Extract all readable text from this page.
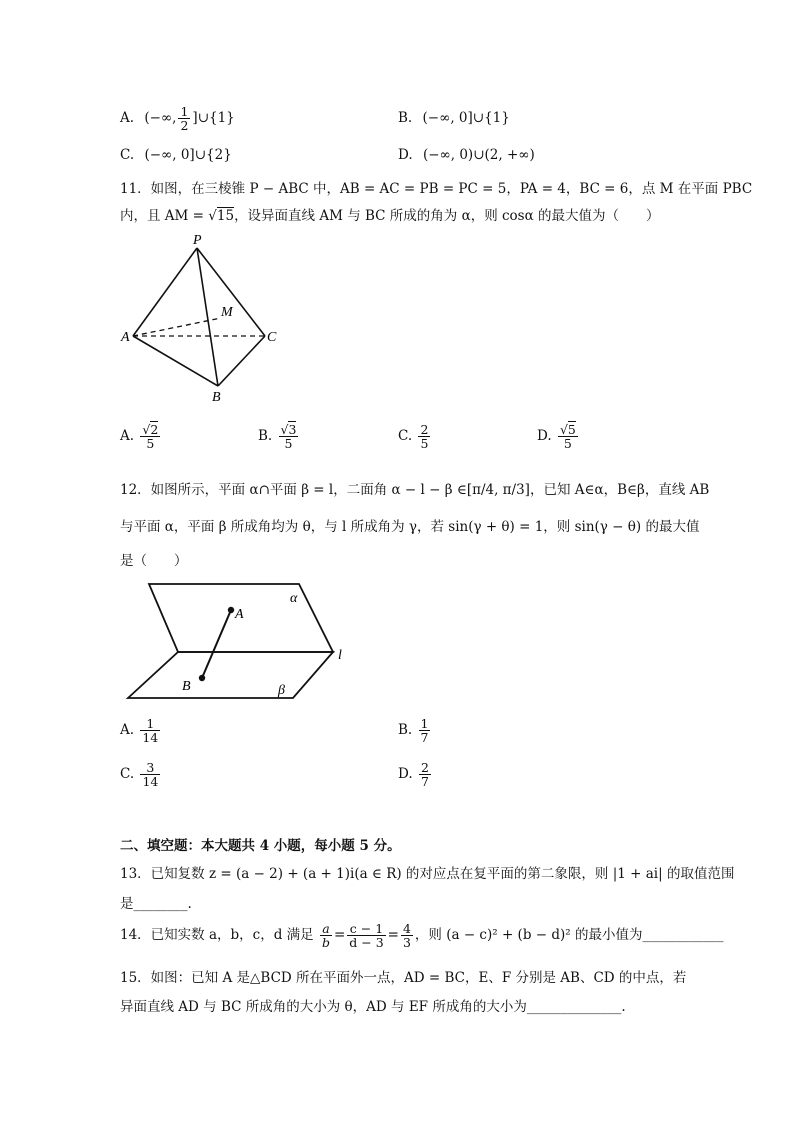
A. (−∞, $\frac{1}{2}$ ]∪{1}	B. (−∞, 0]∪{1}
C. (−∞, 0]∪{2}	D. (−∞, 0)∪(2, +∞)
11．如图，在三棱锥 P − ABC 中，AB = AC = PB = PC = 5，PA = 4，BC = 6，点 M 在平面 PBC
内，且 AM = √15，设异面直线 AM 与 BC 所成的角为 α，则 cosα 的最大值为（　　）
P
M
A	C
B
A. $\frac{√2}{5}$	B. $\frac{√3}{5}$	C. $\frac{2}{5}$	D. $\frac{√5}{5}$
12．如图所示，平面 α∩平面 β = l，二面角 α − l − β ∈[π/4, π/3]，已知 A∈α，B∈β，直线 AB
与平面 α，平面 β 所成角均为 θ，与 l 所成角为 γ，若 sin(γ + θ) = 1，则 sin(γ − θ) 的最大值
是（　　）
A
B
α
β
l
A. $\frac{1}{14}$	B. $\frac{1}{7}$
C. $\frac{3}{14}$	D. $\frac{2}{7}$
二、填空题：本大题共 4 小题，每小题 5 分。
13．已知复数 z = (a − 2) + (a + 1)i(a ∈ R) 的对应点在复平面的第二象限，则 |1 + ai| 的取值范围
是________.
14．已知实数 a，b，c，d 满足 $\frac{a}{b} = \frac{c - 1}{d - 3} = \frac{4}{3}$ ，则 (a − c)² + (b − d)² 的最小值为____________
15．如图：已知 A 是△BCD 所在平面外一点，AD = BC，E、F 分别是 AB、CD 的中点，若
异面直线 AD 与 BC 所成角的大小为 θ，AD 与 EF 所成角的大小为______________.
